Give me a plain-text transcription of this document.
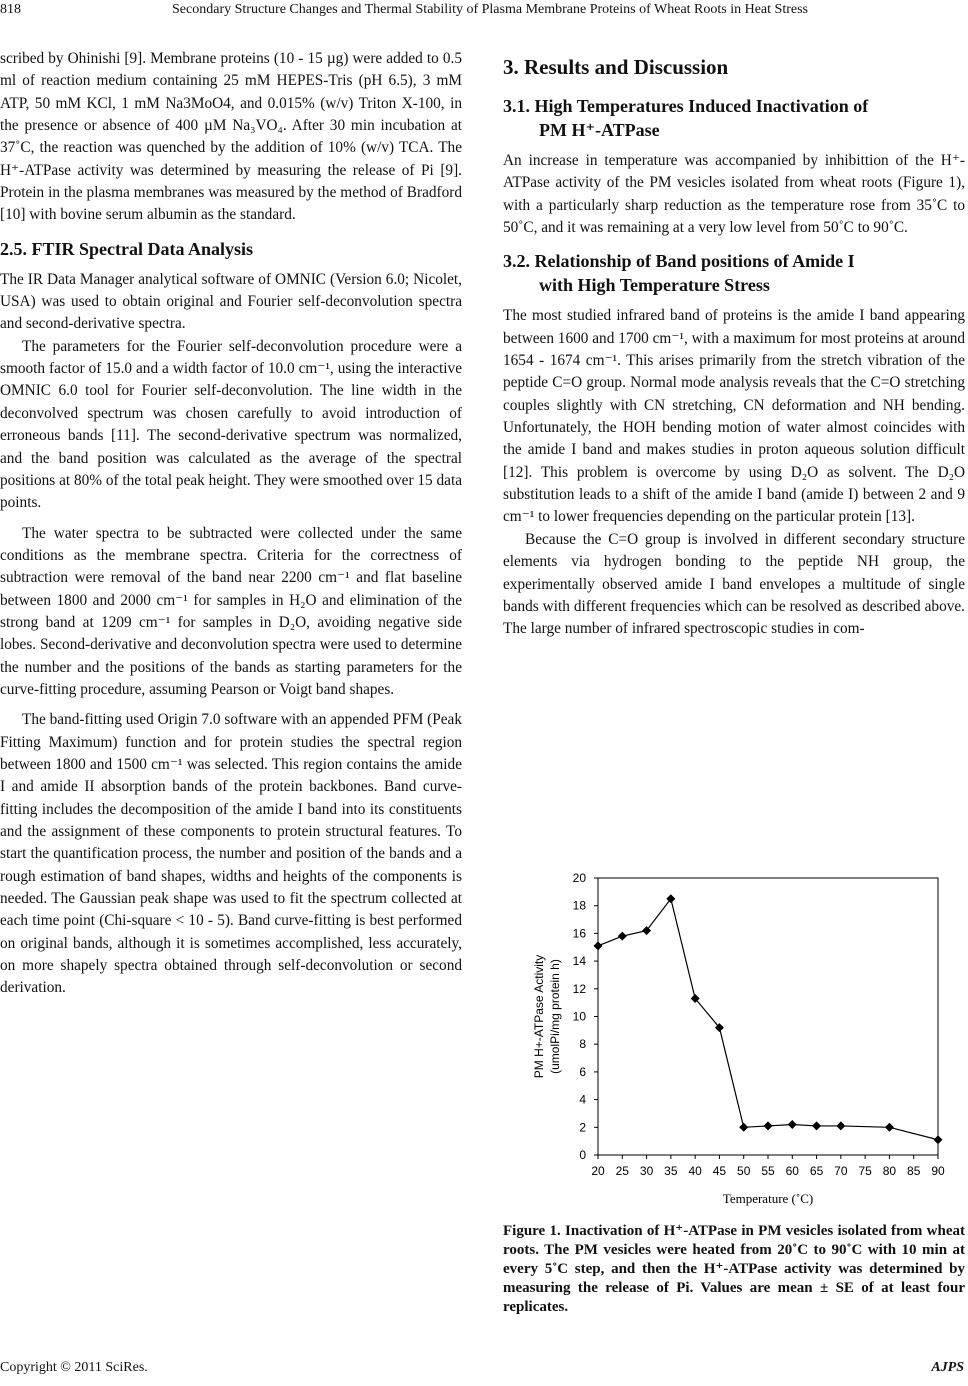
818	Secondary Structure Changes and Thermal Stability of Plasma Membrane Proteins of Wheat Roots in Heat Stress

scribed by Ohinishi [9]. Membrane proteins (10 - 15 µg) were added to 0.5 ml of reaction medium containing 25 mM HEPES-Tris (pH 6.5), 3 mM ATP, 50 mM KCl, 1 mM Na3MoO4, and 0.015% (w/v) Triton X-100, in the presence or absence of 400 µM Na₃VO₄. After 30 min incubation at 37˚C, the reaction was quenched by the addition of 10% (w/v) TCA. The H⁺-ATPase activity was determined by measuring the release of Pi [9]. Protein in the plasma membranes was measured by the method of Bradford [10] with bovine serum albumin as the standard.

2.5. FTIR Spectral Data Analysis

The IR Data Manager analytical software of OMNIC (Version 6.0; Nicolet, USA) was used to obtain original and Fourier self-deconvolution spectra and second-derivative spectra.

The parameters for the Fourier self-deconvolution procedure were a smooth factor of 15.0 and a width factor of 10.0 cm⁻¹, using the interactive OMNIC 6.0 tool for Fourier self-deconvolution. The line width in the deconvolved spectrum was chosen carefully to avoid introduction of erroneous bands [11]. The second-derivative spectrum was normalized, and the band position was calculated as the average of the spectral positions at 80% of the total peak height. They were smoothed over 15 data points.

The water spectra to be subtracted were collected under the same conditions as the membrane spectra. Criteria for the correctness of subtraction were removal of the band near 2200 cm⁻¹ and flat baseline between 1800 and 2000 cm⁻¹ for samples in H₂O and elimination of the strong band at 1209 cm⁻¹ for samples in D₂O, avoiding negative side lobes. Second-derivative and deconvolution spectra were used to determine the number and the positions of the bands as starting parameters for the curve-fitting procedure, assuming Pearson or Voigt band shapes.

The band-fitting used Origin 7.0 software with an appended PFM (Peak Fitting Maximum) function and for protein studies the spectral region between 1800 and 1500 cm⁻¹ was selected. This region contains the amide I and amide II absorption bands of the protein backbones. Band curve-fitting includes the decomposition of the amide I band into its constituents and the assignment of these components to protein structural features. To start the quantification process, the number and position of the bands and a rough estimation of band shapes, widths and heights of the components is needed. The Gaussian peak shape was used to fit the spectrum collected at each time point (Chi-square < 10 - 5). Band curve-fitting is best performed on original bands, although it is sometimes accomplished, less accurately, on more shapely spectra obtained through self-deconvolution or second derivation.

3. Results and Discussion
3.1. High Temperatures Induced Inactivation of
PM H⁺-ATPase

An increase in temperature was accompanied by inhibittion of the H⁺-ATPase activity of the PM vesicles isolated from wheat roots (Figure 1), with a particularly sharp reduction as the temperature rose from 35˚C to 50˚C, and it was remaining at a very low level from 50˚C to 90˚C.

3.2. Relationship of Band positions of Amide I
with High Temperature Stress

The most studied infrared band of proteins is the amide I band appearing between 1600 and 1700 cm⁻¹, with a maximum for most proteins at around 1654 - 1674 cm⁻¹. This arises primarily from the stretch vibration of the peptide C=O group. Normal mode analysis reveals that the C=O stretching couples slightly with CN stretching, CN deformation and NH bending. Unfortunately, the HOH bending motion of water almost coincides with the amide I band and makes studies in proton aqueous solution difficult [12]. This problem is overcome by using D₂O as solvent. The D₂O substitution leads to a shift of the amide I band (amide I) between 2 and 9 cm⁻¹ to lower frequencies depending on the particular protein [13].

Because the C=O group is involved in different secondary structure elements via hydrogen bonding to the peptide NH group, the experimentally observed amide I band envelopes a multitude of single bands with different frequencies which can be resolved as described above. The large number of infrared spectroscopic studies in com-

0
2
4
6
8
10
12
14
16
18
20
20 25 30 35 40 45 50 55 60 65 70 75 80 85 90
PM H+-ATPase Activity (umolPi/mg protein h)
Temperature (˚C)
Figure 1. Inactivation of H⁺-ATPase in PM vesicles isolated from wheat roots. The PM vesicles were heated from 20˚C to 90˚C with 10 min at every 5˚C step, and then the H⁺-ATPase activity was determined by measuring the release of Pi. Values are mean ± SE of at least four replicates.
Copyright © 2011 SciRes.	AJPS
